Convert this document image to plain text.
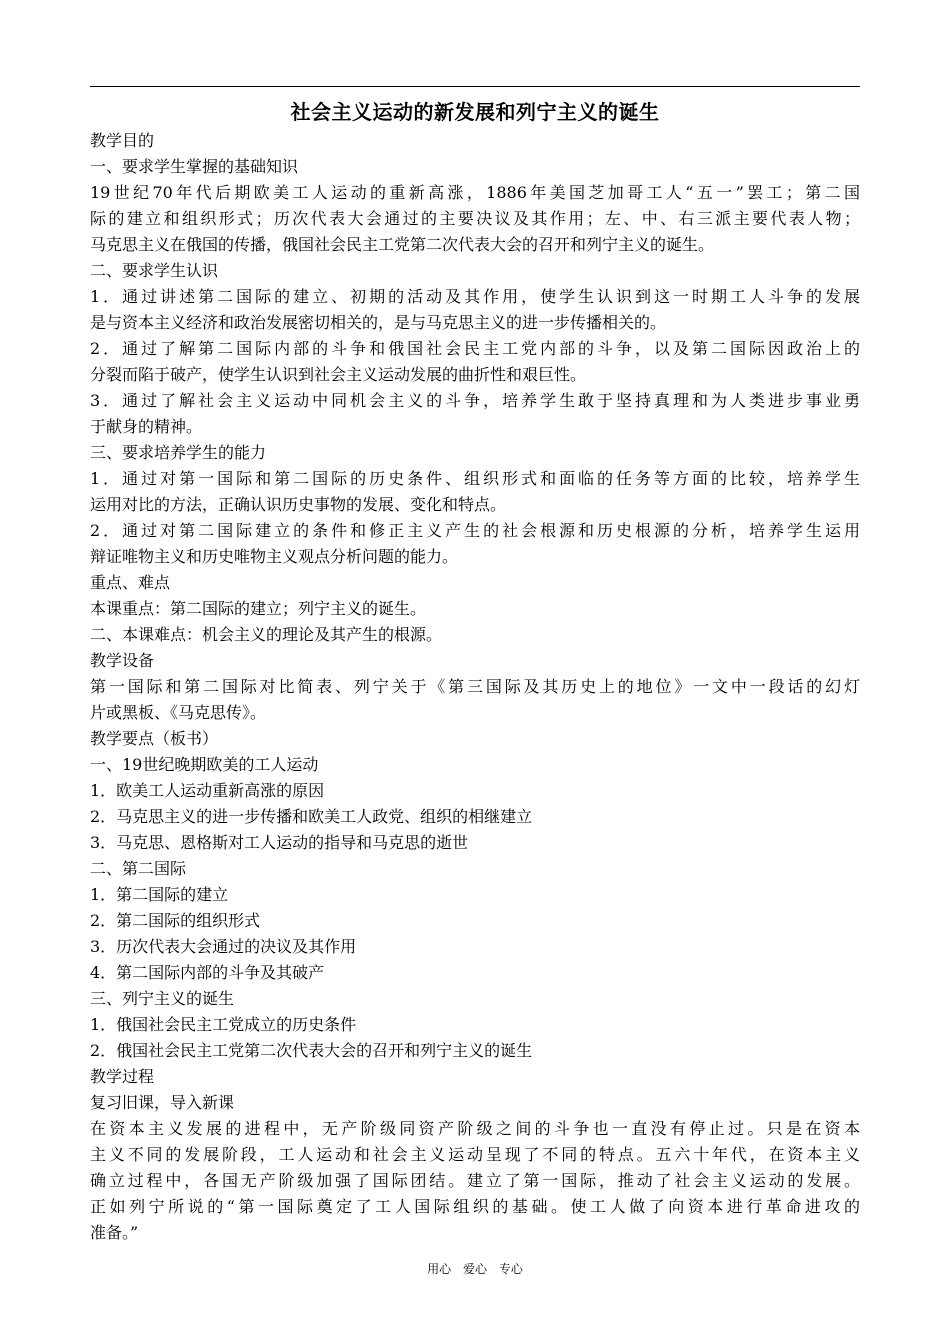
社会主义运动的新发展和列宁主义的诞生
教学目的
一、要求学生掌握的基础知识
19世纪70年代后期欧美工人运动的重新高涨，1886年美国芝加哥工人“五一”罢工；第二国
际的建立和组织形式；历次代表大会通过的主要决议及其作用；左、中、右三派主要代表人物；
马克思主义在俄国的传播，俄国社会民主工党第二次代表大会的召开和列宁主义的诞生。
二、要求学生认识
1．通过讲述第二国际的建立、初期的活动及其作用，使学生认识到这一时期工人斗争的发展
是与资本主义经济和政治发展密切相关的，是与马克思主义的进一步传播相关的。
2．通过了解第二国际内部的斗争和俄国社会民主工党内部的斗争，以及第二国际因政治上的
分裂而陷于破产，使学生认识到社会主义运动发展的曲折性和艰巨性。
3．通过了解社会主义运动中同机会主义的斗争，培养学生敢于坚持真理和为人类进步事业勇
于献身的精神。
三、要求培养学生的能力
1．通过对第一国际和第二国际的历史条件、组织形式和面临的任务等方面的比较，培养学生
运用对比的方法，正确认识历史事物的发展、变化和特点。
2．通过对第二国际建立的条件和修正主义产生的社会根源和历史根源的分析，培养学生运用
辩证唯物主义和历史唯物主义观点分析问题的能力。
重点、难点
本课重点：第二国际的建立；列宁主义的诞生。
二、本课难点：机会主义的理论及其产生的根源。
教学设备
第一国际和第二国际对比简表、列宁关于《第三国际及其历史上的地位》一文中一段话的幻灯
片或黑板、《马克思传》。
教学要点（板书）
一、19世纪晚期欧美的工人运动
1．欧美工人运动重新高涨的原因
2．马克思主义的进一步传播和欧美工人政党、组织的相继建立
3．马克思、恩格斯对工人运动的指导和马克思的逝世
二、第二国际
1．第二国际的建立
2．第二国际的组织形式
3．历次代表大会通过的决议及其作用
4．第二国际内部的斗争及其破产
三、列宁主义的诞生
1．俄国社会民主工党成立的历史条件
2．俄国社会民主工党第二次代表大会的召开和列宁主义的诞生
教学过程
复习旧课，导入新课
在资本主义发展的进程中，无产阶级同资产阶级之间的斗争也一直没有停止过。只是在资本
主义不同的发展阶段，工人运动和社会主义运动呈现了不同的特点。五六十年代，在资本主义
确立过程中，各国无产阶级加强了国际团结。建立了第一国际，推动了社会主义运动的发展。
正如列宁所说的“第一国际奠定了工人国际组织的基础。使工人做了向资本进行革命进攻的
准备。”
用心 爱心 专心
